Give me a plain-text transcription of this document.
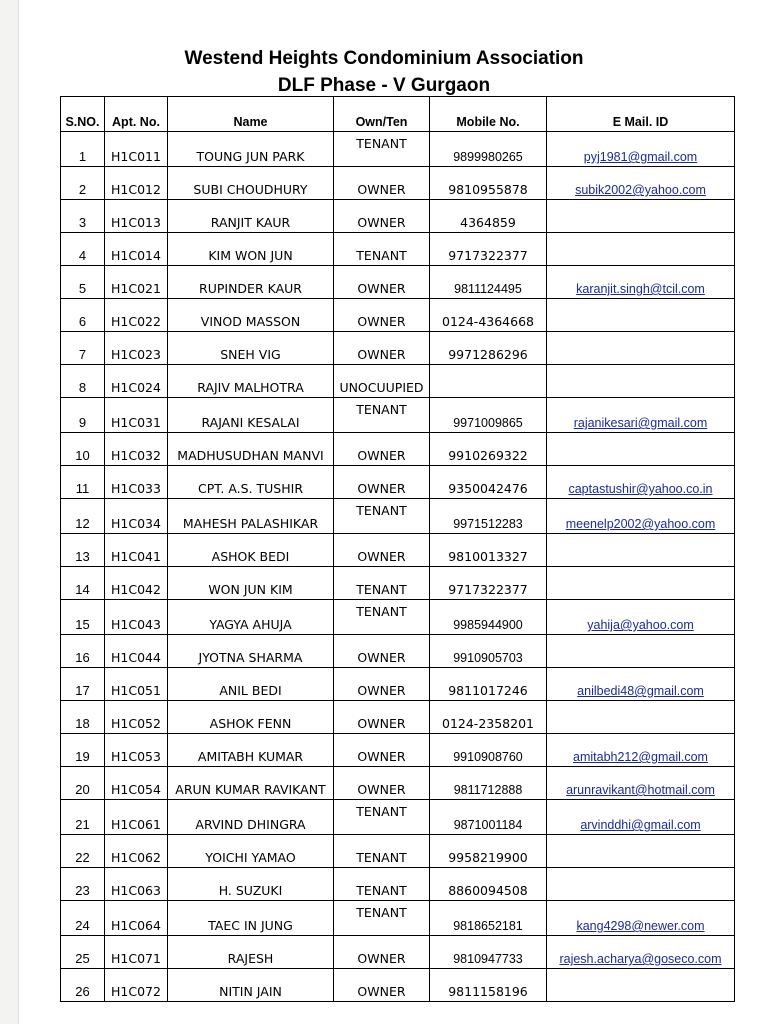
Westend Heights Condominium Association
DLF Phase - V Gurgaon
S.NO.	Apt. No.	Name	Own/Ten	Mobile No.	E Mail. ID
1	H1C011	TOUNG JUN PARK	TENANT	9899980265	pyj1981@gmail.com
2	H1C012	SUBI CHOUDHURY	OWNER	9810955878	subik2002@yahoo.com
3	H1C013	RANJIT KAUR	OWNER	4364859	
4	H1C014	KIM WON JUN	TENANT	9717322377	
5	H1C021	RUPINDER KAUR	OWNER	9811124495	karanjit.singh@tcil.com
6	H1C022	VINOD MASSON	OWNER	0124-4364668	
7	H1C023	SNEH VIG	OWNER	9971286296	
8	H1C024	RAJIV MALHOTRA	UNOCUUPIED		
9	H1C031	RAJANI KESALAI	TENANT	9971009865	rajanikesari@gmail.com
10	H1C032	MADHUSUDHAN MANVI	OWNER	9910269322	
11	H1C033	CPT. A.S. TUSHIR	OWNER	9350042476	captastushir@yahoo.co.in
12	H1C034	MAHESH PALASHIKAR	TENANT	9971512283	meenelp2002@yahoo.com
13	H1C041	ASHOK BEDI	OWNER	9810013327	
14	H1C042	WON JUN KIM	TENANT	9717322377	
15	H1C043	YAGYA AHUJA	TENANT	9985944900	yahija@yahoo.com
16	H1C044	JYOTNA SHARMA	OWNER	9910905703	
17	H1C051	ANIL BEDI	OWNER	9811017246	anilbedi48@gmail.com
18	H1C052	ASHOK FENN	OWNER	0124-2358201	
19	H1C053	AMITABH KUMAR	OWNER	9910908760	amitabh212@gmail.com
20	H1C054	ARUN KUMAR RAVIKANT	OWNER	9811712888	arunravikant@hotmail.com
21	H1C061	ARVIND DHINGRA	TENANT	9871001184	arvinddhi@gmail.com
22	H1C062	YOICHI YAMAO	TENANT	9958219900	
23	H1C063	H. SUZUKI	TENANT	8860094508	
24	H1C064	TAEC IN JUNG	TENANT	9818652181	kang4298@newer.com
25	H1C071	RAJESH	OWNER	9810947733	rajesh.acharya@goseco.com
26	H1C072	NITIN JAIN	OWNER	9811158196	
